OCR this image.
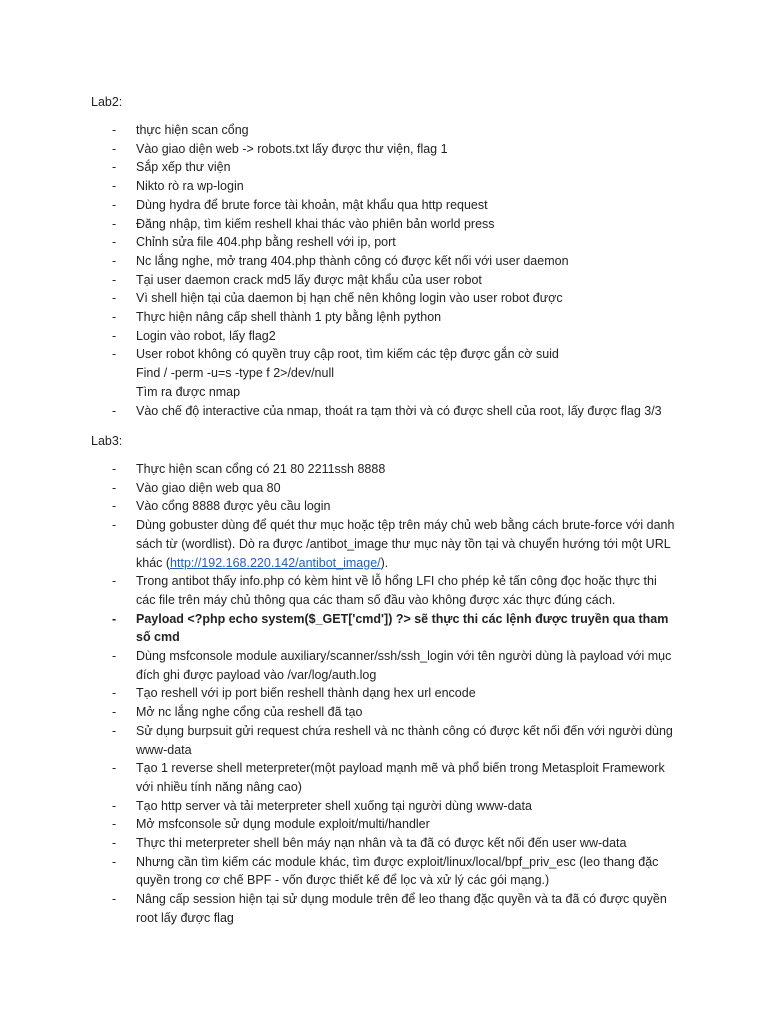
Lab2:
- thực hiện scan cổng
- Vào giao diện web -> robots.txt lấy được thư viện, flag 1
- Sắp xếp thư viện
- Nikto rò ra wp-login
- Dùng hydra để brute force tài khoản, mật khẩu qua http request
- Đăng nhập, tìm kiếm reshell khai thác vào phiên bản world press
- Chỉnh sửa file 404.php bằng reshell với ip, port
- Nc lắng nghe, mở trang 404.php thành công có được kết nối với user daemon
- Tại user daemon crack md5 lấy được mật khẩu của user robot
- Vì shell hiện tại của daemon bị hạn chế nên không login vào user robot được
- Thực hiện nâng cấp shell thành 1 pty bằng lệnh python
- Login vào robot, lấy flag2
- User robot không có quyền truy cập root, tìm kiếm các tệp được gắn cờ suid
Find / -perm -u=s -type f 2>/dev/null
Tìm ra được nmap
- Vào chế độ interactive của nmap, thoát ra tạm thời và có được shell của root, lấy được flag 3/3
Lab3:
- Thực hiện scan cổng có 21 80 2211ssh 8888
- Vào giao diện web qua 80
- Vào cổng 8888 được yêu cầu login
- Dùng gobuster dùng để quét thư mục hoặc tệp trên máy chủ web bằng cách brute-force với danh sách từ (wordlist). Dò ra được /antibot_image thư mục này tồn tại và chuyển hướng tới một URL khác (http://192.168.220.142/antibot_image/).
- Trong antibot thấy info.php có kèm hint về lỗ hổng LFI cho phép kẻ tấn công đọc hoặc thực thi các file trên máy chủ thông qua các tham số đầu vào không được xác thực đúng cách.
- Payload <?php echo system($_GET['cmd']) ?> sẽ thực thi các lệnh được truyền qua tham số cmd
- Dùng msfconsole module auxiliary/scanner/ssh/ssh_login với tên người dùng là payload với mục đích ghi được payload vào /var/log/auth.log
- Tạo reshell với ip port biến reshell thành dạng hex url encode
- Mở nc lắng nghe cổng của reshell đã tạo
- Sử dụng burpsuit gửi request chứa reshell và nc thành công có được kết nối đến với người dùng www-data
- Tạo 1 reverse shell meterpreter(một payload mạnh mẽ và phổ biến trong Metasploit Framework với nhiều tính năng nâng cao)
- Tạo http server và tải meterpreter shell xuống tại người dùng www-data
- Mở msfconsole sử dụng module exploit/multi/handler
- Thực thi meterpreter shell bên máy nạn nhân và ta đã có được kết nối đến user ww-data
- Nhưng cần tìm kiếm các module khác, tìm được exploit/linux/local/bpf_priv_esc (leo thang đặc quyền trong cơ chế BPF - vốn được thiết kế để lọc và xử lý các gói mạng.)
- Nâng cấp session hiện tại sử dụng module trên để leo thang đặc quyền và ta đã có được quyền root lấy được flag
